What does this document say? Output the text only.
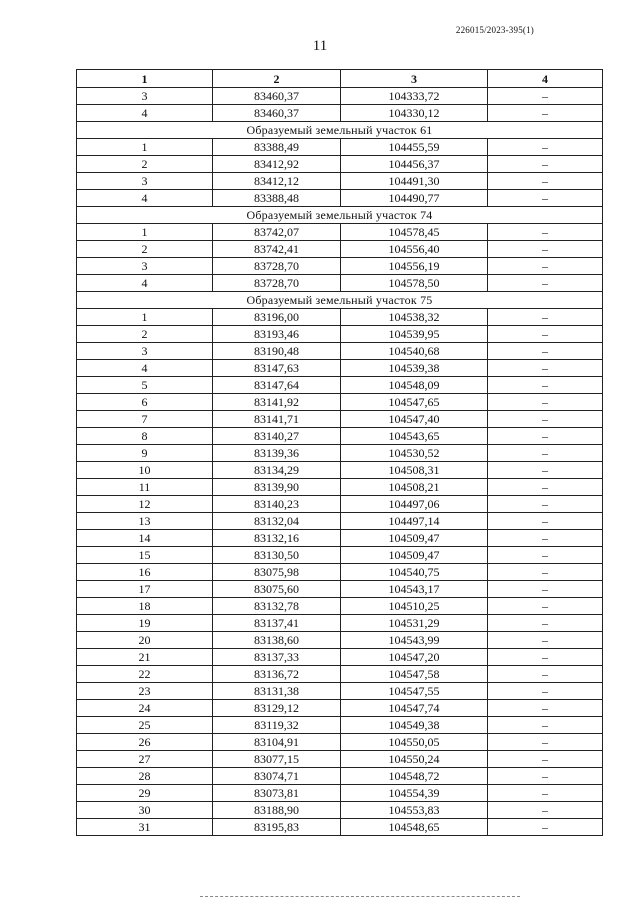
226015/2023-395(1)
11
1	2	3	4
3	83460,37	104333,72	–
4	83460,37	104330,12	–
Образуемый земельный участок 61			
1	83388,49	104455,59	–
2	83412,92	104456,37	–
3	83412,12	104491,30	–
4	83388,48	104490,77	–
Образуемый земельный участок 74			
1	83742,07	104578,45	–
2	83742,41	104556,40	–
3	83728,70	104556,19	–
4	83728,70	104578,50	–
Образуемый земельный участок 75			
1	83196,00	104538,32	–
2	83193,46	104539,95	–
3	83190,48	104540,68	–
4	83147,63	104539,38	–
5	83147,64	104548,09	–
6	83141,92	104547,65	–
7	83141,71	104547,40	–
8	83140,27	104543,65	–
9	83139,36	104530,52	–
10	83134,29	104508,31	–
11	83139,90	104508,21	–
12	83140,23	104497,06	–
13	83132,04	104497,14	–
14	83132,16	104509,47	–
15	83130,50	104509,47	–
16	83075,98	104540,75	–
17	83075,60	104543,17	–
18	83132,78	104510,25	–
19	83137,41	104531,29	–
20	83138,60	104543,99	–
21	83137,33	104547,20	–
22	83136,72	104547,58	–
23	83131,38	104547,55	–
24	83129,12	104547,74	–
25	83119,32	104549,38	–
26	83104,91	104550,05	–
27	83077,15	104550,24	–
28	83074,71	104548,72	–
29	83073,81	104554,39	–
30	83188,90	104553,83	–
31	83195,83	104548,65	–
